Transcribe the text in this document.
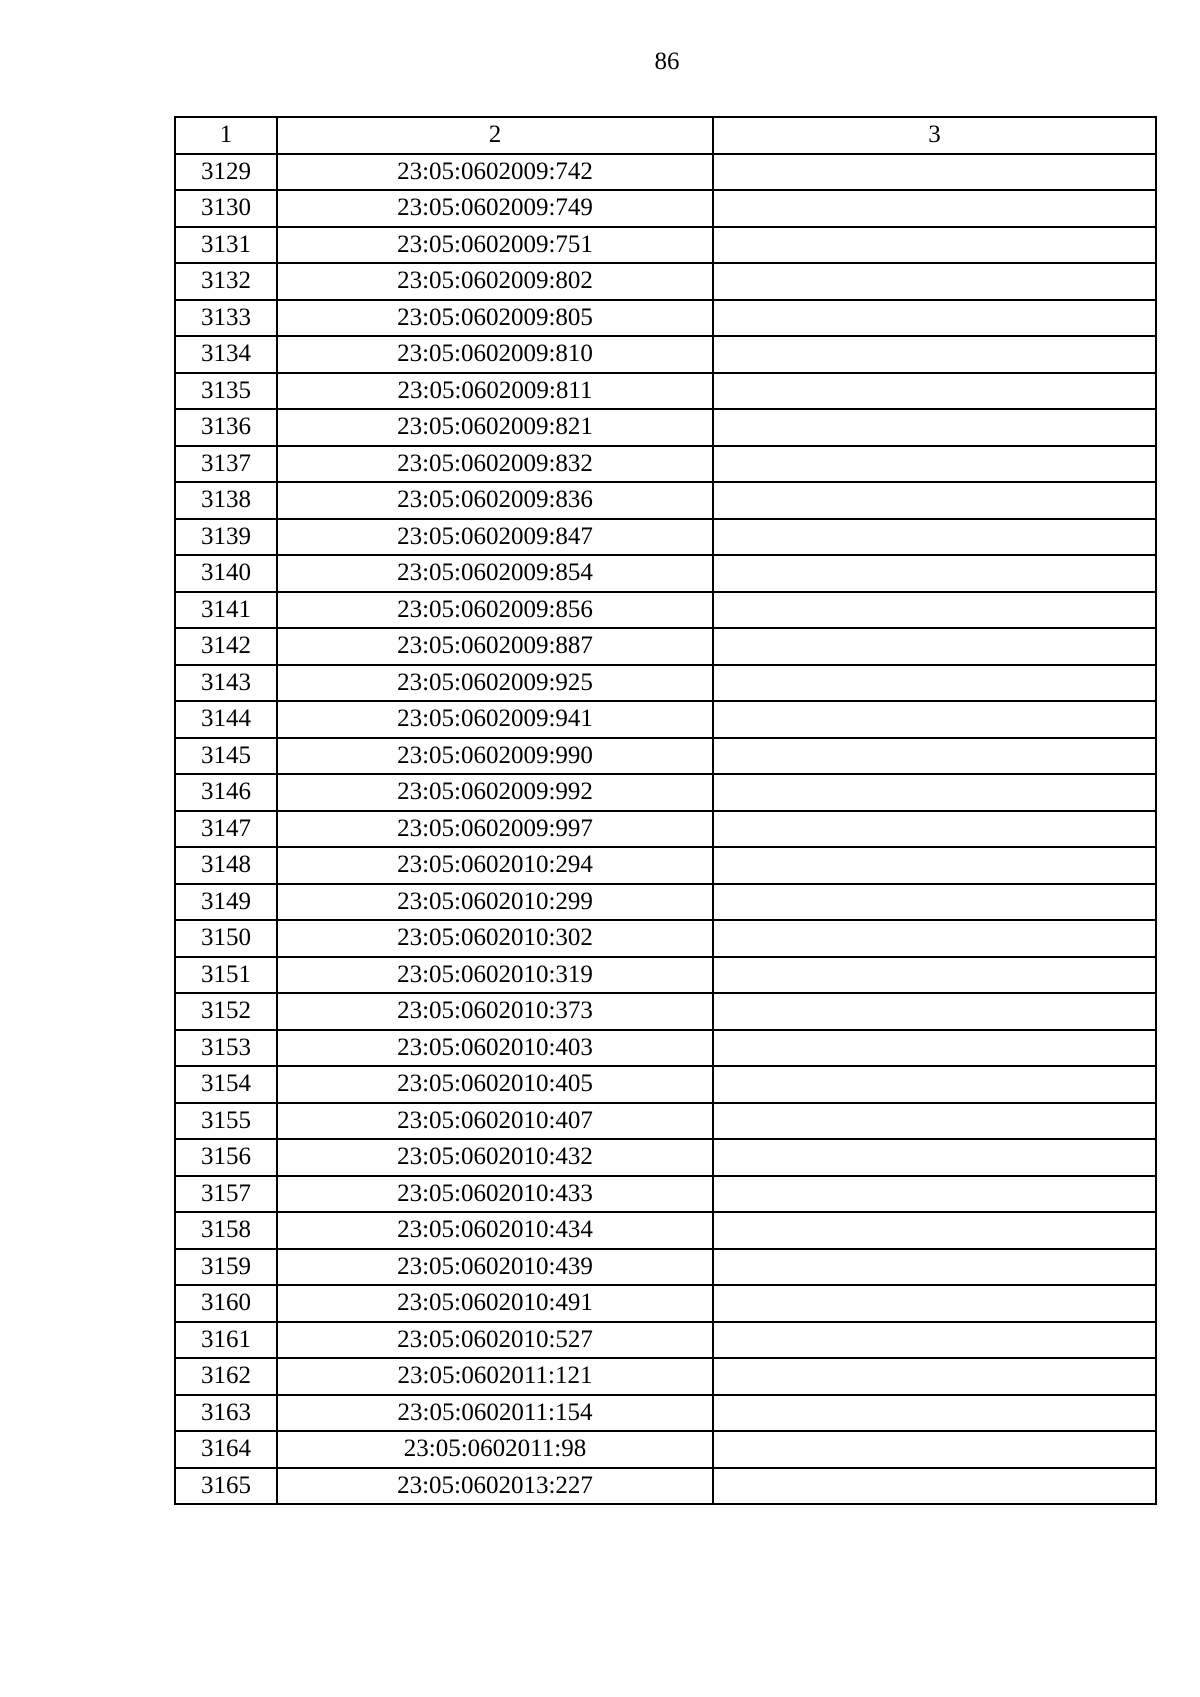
86
1	2	3
3129	23:05:0602009:742	
3130	23:05:0602009:749	
3131	23:05:0602009:751	
3132	23:05:0602009:802	
3133	23:05:0602009:805	
3134	23:05:0602009:810	
3135	23:05:0602009:811	
3136	23:05:0602009:821	
3137	23:05:0602009:832	
3138	23:05:0602009:836	
3139	23:05:0602009:847	
3140	23:05:0602009:854	
3141	23:05:0602009:856	
3142	23:05:0602009:887	
3143	23:05:0602009:925	
3144	23:05:0602009:941	
3145	23:05:0602009:990	
3146	23:05:0602009:992	
3147	23:05:0602009:997	
3148	23:05:0602010:294	
3149	23:05:0602010:299	
3150	23:05:0602010:302	
3151	23:05:0602010:319	
3152	23:05:0602010:373	
3153	23:05:0602010:403	
3154	23:05:0602010:405	
3155	23:05:0602010:407	
3156	23:05:0602010:432	
3157	23:05:0602010:433	
3158	23:05:0602010:434	
3159	23:05:0602010:439	
3160	23:05:0602010:491	
3161	23:05:0602010:527	
3162	23:05:0602011:121	
3163	23:05:0602011:154	
3164	23:05:0602011:98	
3165	23:05:0602013:227	
